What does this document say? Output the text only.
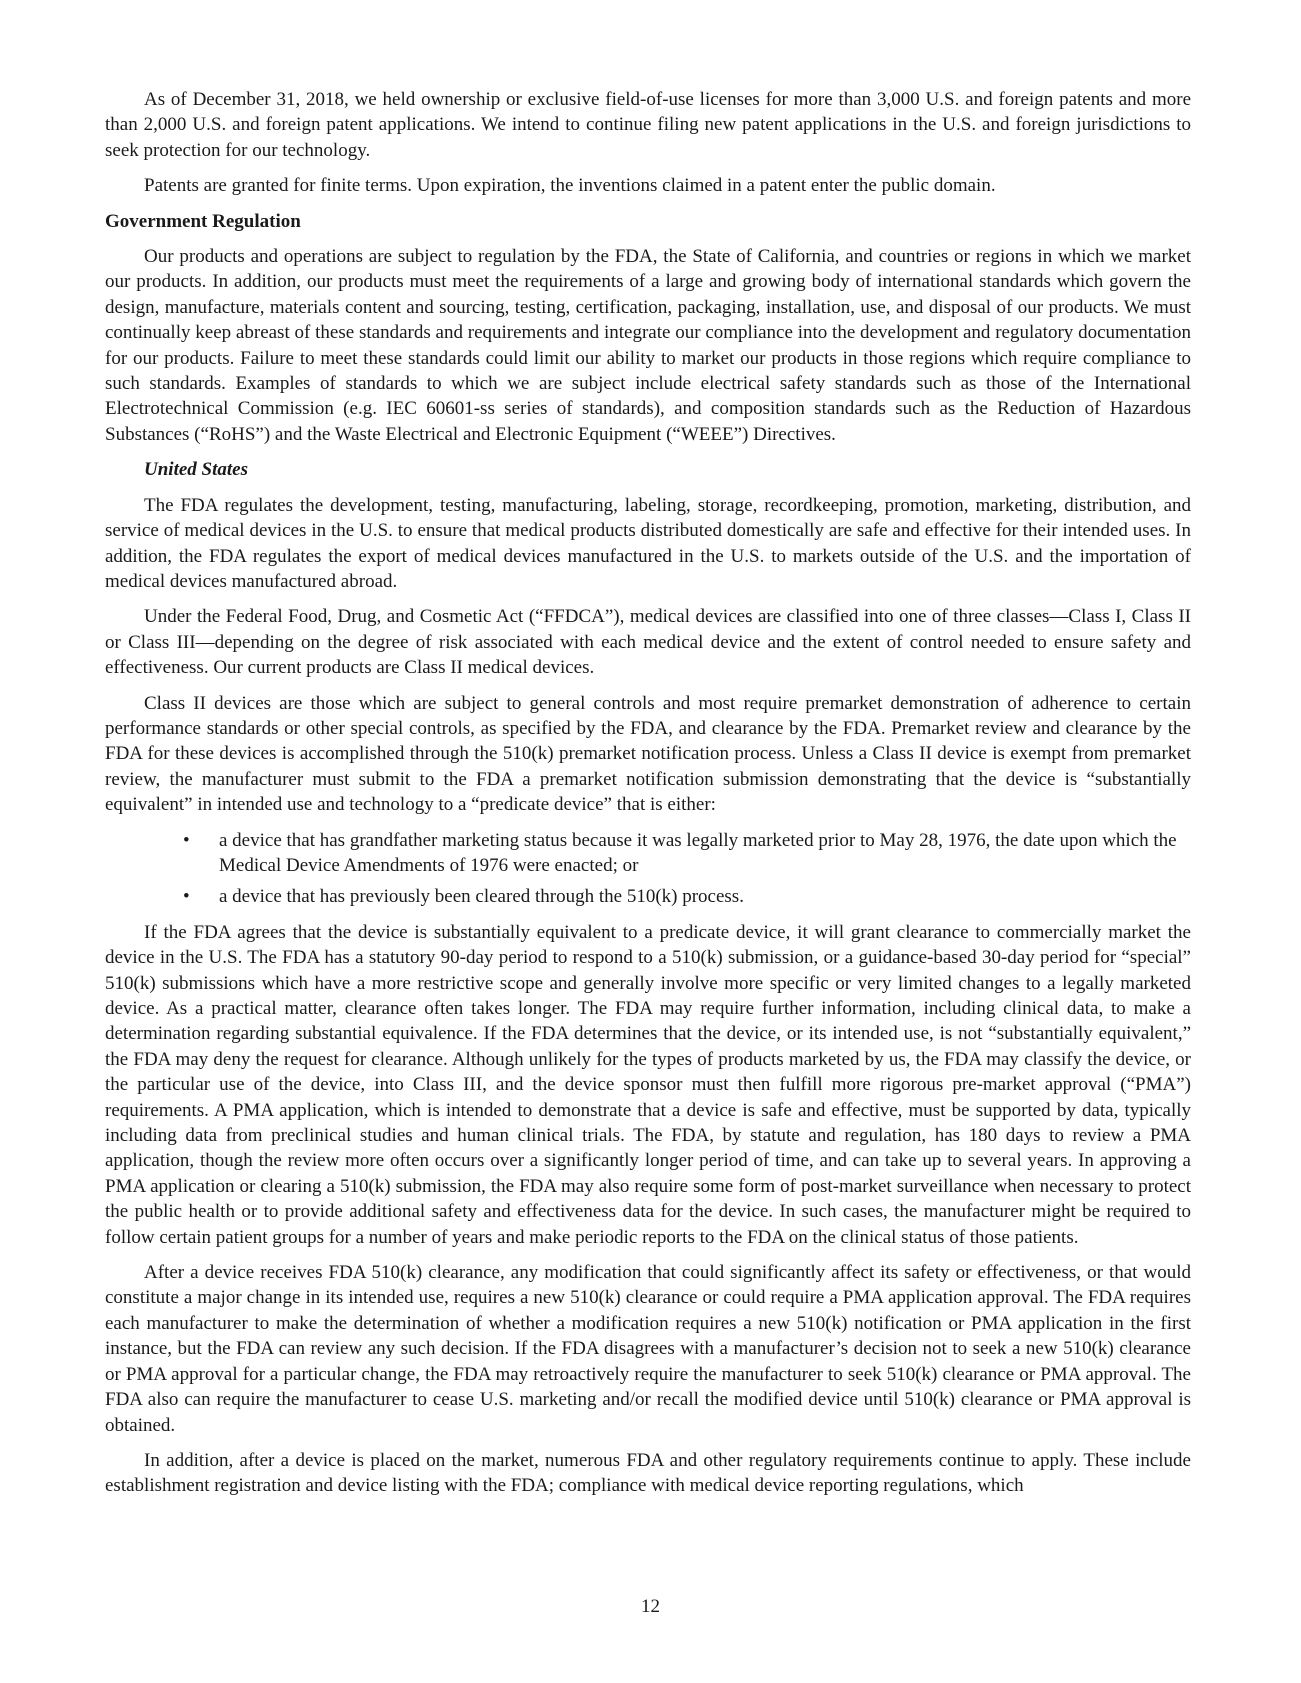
As of December 31, 2018, we held ownership or exclusive field-of-use licenses for more than 3,000 U.S. and foreign patents and more than 2,000 U.S. and foreign patent applications. We intend to continue filing new patent applications in the U.S. and foreign jurisdictions to seek protection for our technology.

Patents are granted for finite terms. Upon expiration, the inventions claimed in a patent enter the public domain.

Government Regulation

Our products and operations are subject to regulation by the FDA, the State of California, and countries or regions in which we market our products. In addition, our products must meet the requirements of a large and growing body of international standards which govern the design, manufacture, materials content and sourcing, testing, certification, packaging, installation, use, and disposal of our products. We must continually keep abreast of these standards and requirements and integrate our compliance into the development and regulatory documentation for our products. Failure to meet these standards could limit our ability to market our products in those regions which require compliance to such standards. Examples of standards to which we are subject include electrical safety standards such as those of the International Electrotechnical Commission (e.g. IEC 60601-ss series of standards), and composition standards such as the Reduction of Hazardous Substances (“RoHS”) and the Waste Electrical and Electronic Equipment (“WEEE”) Directives.

United States

The FDA regulates the development, testing, manufacturing, labeling, storage, recordkeeping, promotion, marketing, distribution, and service of medical devices in the U.S. to ensure that medical products distributed domestically are safe and effective for their intended uses. In addition, the FDA regulates the export of medical devices manufactured in the U.S. to markets outside of the U.S. and the importation of medical devices manufactured abroad.

Under the Federal Food, Drug, and Cosmetic Act (“FFDCA”), medical devices are classified into one of three classes—Class I, Class II or Class III—depending on the degree of risk associated with each medical device and the extent of control needed to ensure safety and effectiveness. Our current products are Class II medical devices.

Class II devices are those which are subject to general controls and most require premarket demonstration of adherence to certain performance standards or other special controls, as specified by the FDA, and clearance by the FDA. Premarket review and clearance by the FDA for these devices is accomplished through the 510(k) premarket notification process. Unless a Class II device is exempt from premarket review, the manufacturer must submit to the FDA a premarket notification submission demonstrating that the device is “substantially equivalent” in intended use and technology to a “predicate device” that is either:

• a device that has grandfather marketing status because it was legally marketed prior to May 28, 1976, the date upon which the Medical Device Amendments of 1976 were enacted; or
• a device that has previously been cleared through the 510(k) process.

If the FDA agrees that the device is substantially equivalent to a predicate device, it will grant clearance to commercially market the device in the U.S. The FDA has a statutory 90-day period to respond to a 510(k) submission, or a guidance-based 30-day period for “special” 510(k) submissions which have a more restrictive scope and generally involve more specific or very limited changes to a legally marketed device. As a practical matter, clearance often takes longer. The FDA may require further information, including clinical data, to make a determination regarding substantial equivalence. If the FDA determines that the device, or its intended use, is not “substantially equivalent,” the FDA may deny the request for clearance. Although unlikely for the types of products marketed by us, the FDA may classify the device, or the particular use of the device, into Class III, and the device sponsor must then fulfill more rigorous pre-market approval (“PMA”) requirements. A PMA application, which is intended to demonstrate that a device is safe and effective, must be supported by data, typically including data from preclinical studies and human clinical trials. The FDA, by statute and regulation, has 180 days to review a PMA application, though the review more often occurs over a significantly longer period of time, and can take up to several years. In approving a PMA application or clearing a 510(k) submission, the FDA may also require some form of post-market surveillance when necessary to protect the public health or to provide additional safety and effectiveness data for the device. In such cases, the manufacturer might be required to follow certain patient groups for a number of years and make periodic reports to the FDA on the clinical status of those patients.

After a device receives FDA 510(k) clearance, any modification that could significantly affect its safety or effectiveness, or that would constitute a major change in its intended use, requires a new 510(k) clearance or could require a PMA application approval. The FDA requires each manufacturer to make the determination of whether a modification requires a new 510(k) notification or PMA application in the first instance, but the FDA can review any such decision. If the FDA disagrees with a manufacturer’s decision not to seek a new 510(k) clearance or PMA approval for a particular change, the FDA may retroactively require the manufacturer to seek 510(k) clearance or PMA approval. The FDA also can require the manufacturer to cease U.S. marketing and/or recall the modified device until 510(k) clearance or PMA approval is obtained.

In addition, after a device is placed on the market, numerous FDA and other regulatory requirements continue to apply. These include establishment registration and device listing with the FDA; compliance with medical device reporting regulations, which

12
